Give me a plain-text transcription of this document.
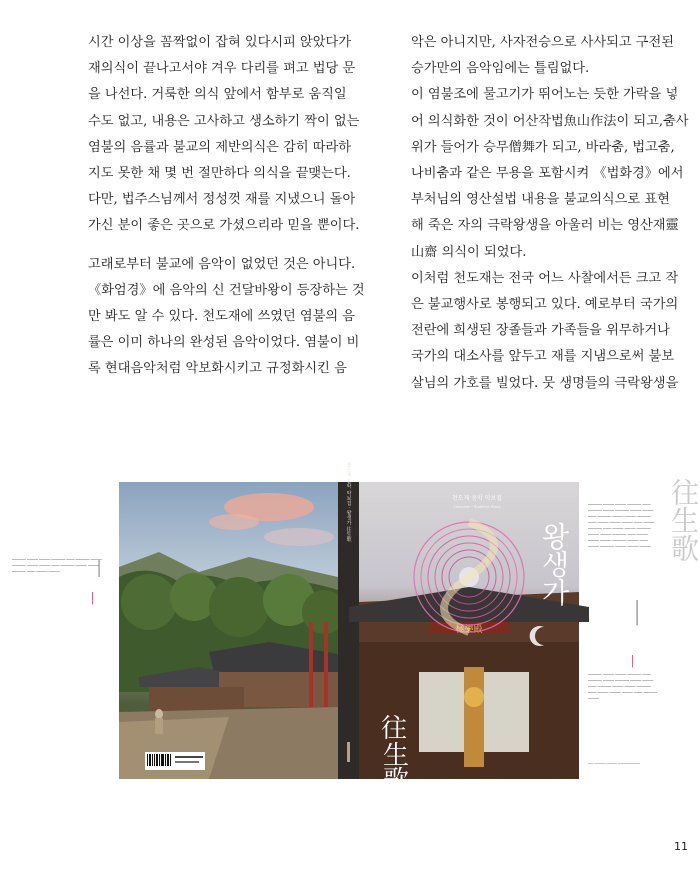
시간 이상을 꼼짝없이 잡혀 있다시피 앉았다가
재의식이 끝나고서야 겨우 다리를 펴고 법당 문
을 나선다. 거룩한 의식 앞에서 함부로 움직일
수도 없고, 내용은 고사하고 생소하기 짝이 없는
염불의 음률과 불교의 제반의식은 감히 따라하
지도 못한 채 몇 번 절만하다 의식을 끝맺는다.
다만, 법주스님께서 정성껏 재를 지냈으니 돌아
가신 분이 좋은 곳으로 가셨으리라 믿을 뿐이다.

고래로부터 불교에 음악이 없었던 것은 아니다.
《화엄경》에 음악의 신 건달바왕이 등장하는 것
만 봐도 알 수 있다. 천도재에 쓰였던 염불의 음
률은 이미 하나의 완성된 음악이었다. 염불이 비
록 현대음악처럼 악보화시키고 규정화시킨 음

악은 아니지만, 사자전승으로 사사되고 구전된
승가만의 음악임에는 틀림없다.
이 염불조에 물고기가 뛰어노는 듯한 가락을 넣
어 의식화한 것이 어산작법魚山作法이 되고,춤사
위가 들어가 승무僧舞가 되고, 바라춤, 법고춤,
나비춤과 같은 무용을 포함시켜 《법화경》에서
부처님의 영산설법 내용을 불교의식으로 표현
해 죽은 자의 극락왕생을 아울러 비는 영산재靈
山齋 의식이 되었다.
이처럼 천도재는 전국 어느 사찰에서든 크고 작
은 불교행사로 봉행되고 있다. 예로부터 국가의
전란에 희생된 장졸들과 가족들을 위무하거나
국가의 대소사를 앞두고 재를 지냄으로써 불보
살님의 가호를 빌었다. 뭇 생명들의 극락왕생을

▁▁▁▁▁ ▁▁▁▁ ▁▁▁▁ ▁▁▁▁▁ ▁▁▁ ▁▁▁▁▁ ▁▁▁▁ ▁▁▁▁▁ ▁▁▁▁ ▁▁▁▁ ▁▁▁ ▁▁▁▁▁ ▁▁▁▁ ▁▁▁▁ ▁▁▁▁▁ ▁▁▁ ▁▁▁▁ ▁▁▁▁	▁▁▁▁
▁▁▁▁
천도재 음악 악보집 · 왕생가 往生歌
極樂殿
천도재 음악 악보집
Chandoje • Buddhist Music
왕생가
往
生
歌
▁▁▁▁▁ ▁▁▁▁ ▁▁▁▁ ▁▁▁▁▁ ▁▁▁ ▁▁▁▁▁ ▁▁▁▁ ▁▁▁▁▁ ▁▁▁▁ ▁▁▁▁ ▁▁▁ ▁▁▁▁▁ ▁▁▁▁ ▁▁▁▁ ▁▁▁▁▁ ▁▁▁ ▁▁▁▁ ▁▁▁▁ ▁▁▁▁ ▁▁▁ ▁▁▁▁ ▁▁▁▁▁ ▁▁▁ ▁▁▁▁ ▁▁▁▁ ▁▁▁▁▁ ▁▁▁▁ ▁▁▁▁ ▁▁▁▁▁ ▁▁▁ ▁▁▁▁ ▁▁▁▁ ▁▁▁▁ ▁▁▁▁▁ ▁▁▁▁ ▁▁▁ ▁▁▁▁ ▁▁▁▁▁ ▁▁▁▁ ▁▁▁▁ ▁▁▁▁
▁▁▁▁▁ ▁▁▁▁ ▁▁▁▁ ▁▁▁▁▁ ▁▁▁ ▁▁▁▁▁ ▁▁▁▁ ▁▁▁▁▁ ▁▁▁▁ ▁▁▁▁ ▁▁▁ ▁▁▁▁▁ ▁▁▁▁ ▁▁▁▁ ▁▁▁▁▁ ▁▁▁ ▁▁▁▁ ▁▁▁▁ ▁▁▁▁ ▁▁▁ ▁▁▁▁▁ ▁▁▁▁
▁▁▁▁▁▁
▁▁▁▁
▁▁ ▁▁▁▁ ▁▁▁▁ ▁▁▁▁▁▁▁▁
往生歌
11
